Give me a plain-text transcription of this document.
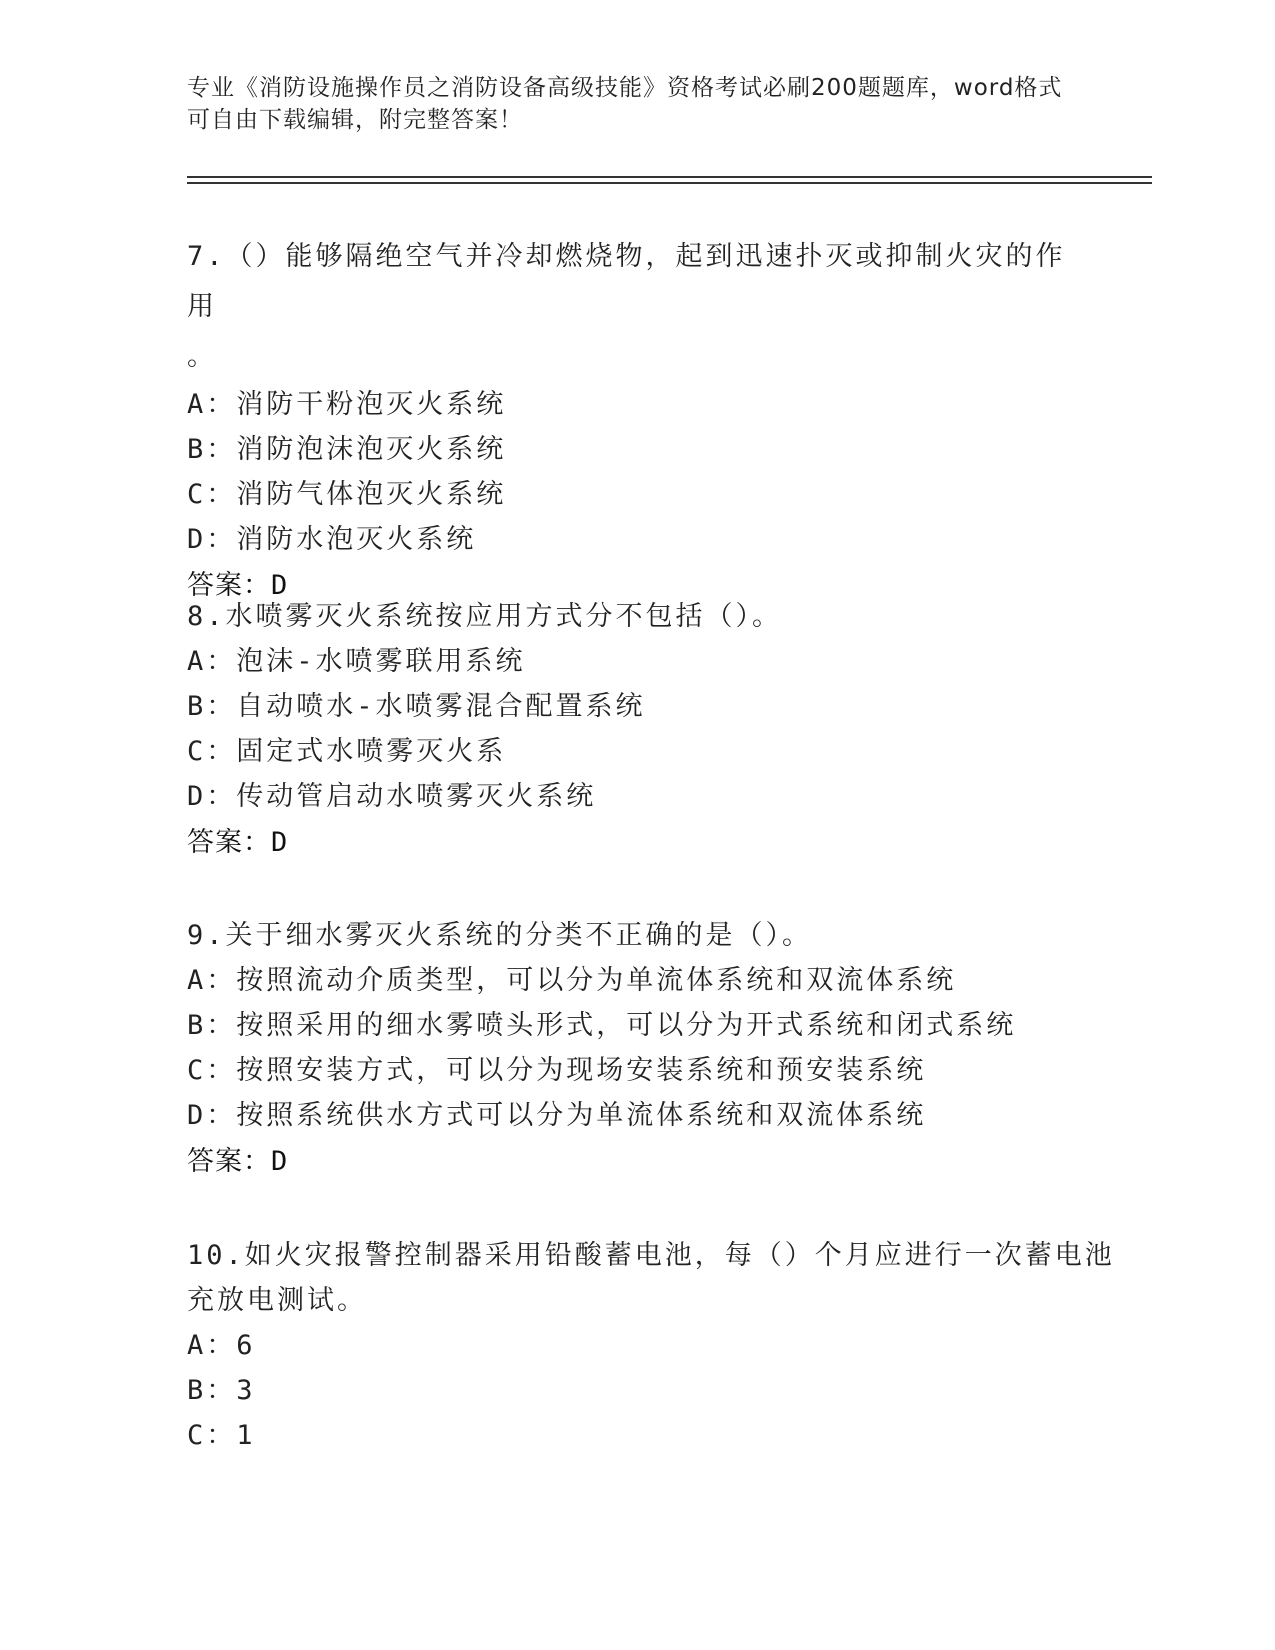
专业《消防设施操作员之消防设备高级技能》资格考试必刷200题题库，word格式可自由下载编辑，附完整答案！
7.（）能够隔绝空气并冷却燃烧物，起到迅速扑灭或抑制火灾的作用
。
A：消防干粉泡灭火系统
B：消防泡沫泡灭火系统
C：消防气体泡灭火系统
D：消防水泡灭火系统
答案：D
8.水喷雾灭火系统按应用方式分不包括（）。
A：泡沫-水喷雾联用系统
B：自动喷水-水喷雾混合配置系统
C：固定式水喷雾灭火系
D：传动管启动水喷雾灭火系统
答案：D
9.关于细水雾灭火系统的分类不正确的是（）。
A：按照流动介质类型，可以分为单流体系统和双流体系统
B：按照采用的细水雾喷头形式，可以分为开式系统和闭式系统
C：按照安装方式，可以分为现场安装系统和预安装系统
D：按照系统供水方式可以分为单流体系统和双流体系统
答案：D
10.如火灾报警控制器采用铅酸蓄电池，每（）个月应进行一次蓄电池
充放电测试。
A：6
B：3
C：1
